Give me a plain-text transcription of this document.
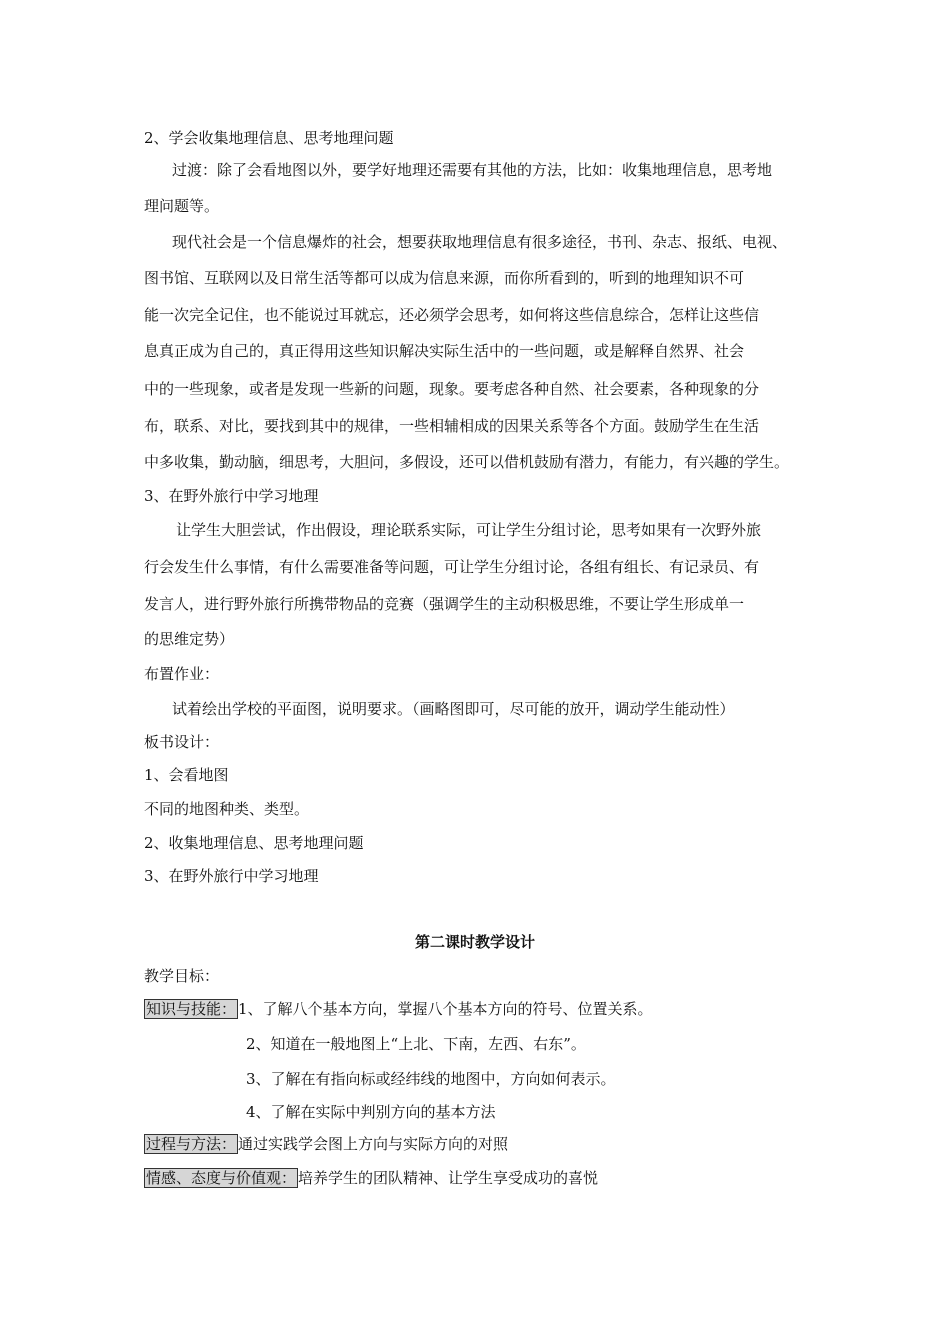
2、学会收集地理信息、思考地理问题
过渡：除了会看地图以外，要学好地理还需要有其他的方法，比如：收集地理信息，思考地
理问题等。
现代社会是一个信息爆炸的社会，想要获取地理信息有很多途径，书刊、杂志、报纸、电视、
图书馆、互联网以及日常生活等都可以成为信息来源，而你所看到的，听到的地理知识不可
能一次完全记住，也不能说过耳就忘，还必须学会思考，如何将这些信息综合，怎样让这些信
息真正成为自己的，真正得用这些知识解决实际生活中的一些问题，或是解释自然界、社会
中的一些现象，或者是发现一些新的问题，现象。要考虑各种自然、社会要素，各种现象的分
布，联系、对比，要找到其中的规律，一些相辅相成的因果关系等各个方面。鼓励学生在生活
中多收集，勤动脑，细思考，大胆问，多假设，还可以借机鼓励有潜力，有能力，有兴趣的学生。
3、在野外旅行中学习地理
让学生大胆尝试，作出假设，理论联系实际，可让学生分组讨论，思考如果有一次野外旅
行会发生什么事情，有什么需要准备等问题，可让学生分组讨论，各组有组长、有记录员、有
发言人，进行野外旅行所携带物品的竞赛（强调学生的主动积极思维，不要让学生形成单一
的思维定势）
布置作业：
试着绘出学校的平面图，说明要求。（画略图即可，尽可能的放开，调动学生能动性）
板书设计：
1、会看地图
不同的地图种类、类型。
2、收集地理信息、思考地理问题
3、在野外旅行中学习地理
第二课时教学设计
教学目标：
知识与技能： 1、了解八个基本方向，掌握八个基本方向的符号、位置关系。
2、知道在一般地图上“上北、下南，左西、右东”。
3、了解在有指向标或经纬线的地图中，方向如何表示。
4、了解在实际中判别方向的基本方法
过程与方法： 通过实践学会图上方向与实际方向的对照
情感、态度与价值观： 培养学生的团队精神、让学生享受成功的喜悦
